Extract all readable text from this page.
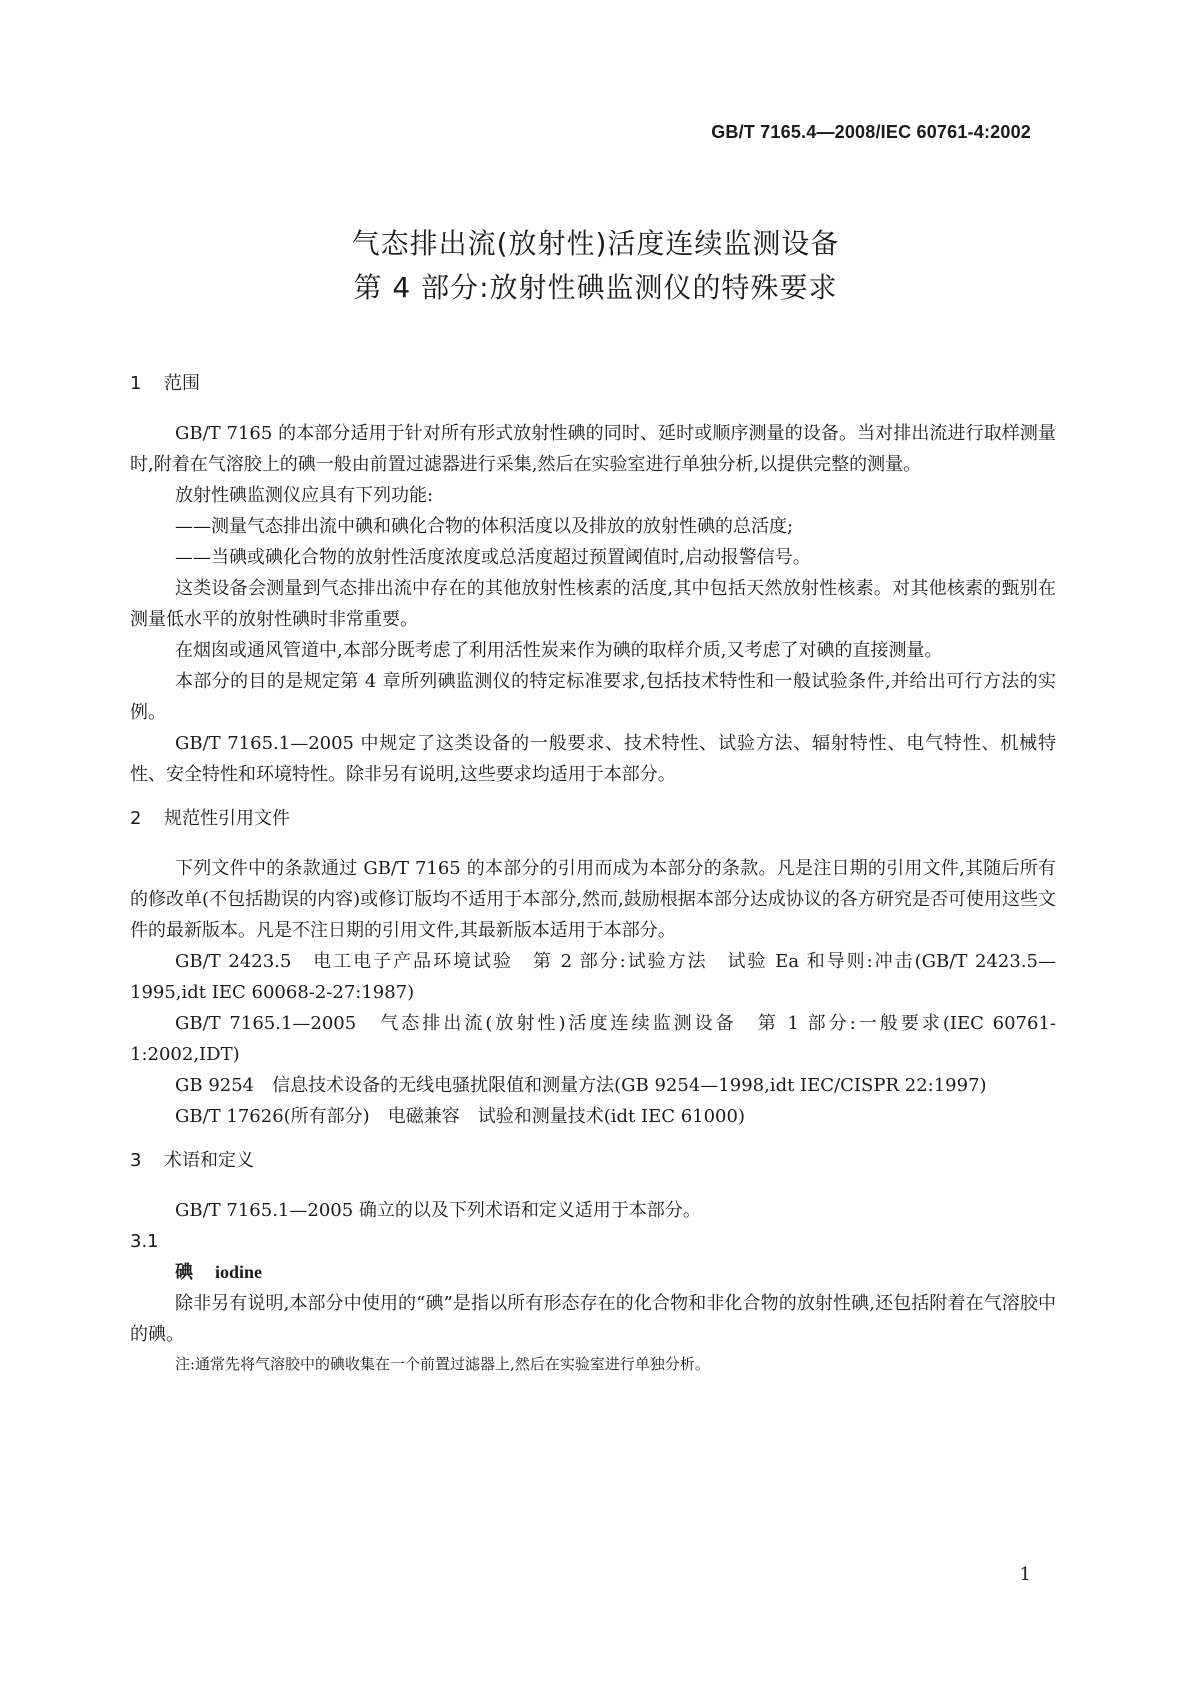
GB/T 7165.4—2008/IEC 60761-4:2002
气态排出流(放射性)活度连续监测设备
第 4 部分:放射性碘监测仪的特殊要求
1 范围

GB/T 7165 的本部分适用于针对所有形式放射性碘的同时、延时或顺序测量的设备。当对排出流进行取样测量时,附着在气溶胶上的碘一般由前置过滤器进行采集,然后在实验室进行单独分析,以提供完整的测量。

放射性碘监测仪应具有下列功能:

——测量气态排出流中碘和碘化合物的体积活度以及排放的放射性碘的总活度;

——当碘或碘化合物的放射性活度浓度或总活度超过预置阈值时,启动报警信号。

这类设备会测量到气态排出流中存在的其他放射性核素的活度,其中包括天然放射性核素。对其他核素的甄别在测量低水平的放射性碘时非常重要。

在烟囱或通风管道中,本部分既考虑了利用活性炭来作为碘的取样介质,又考虑了对碘的直接测量。

本部分的目的是规定第 4 章所列碘监测仪的特定标准要求,包括技术特性和一般试验条件,并给出可行方法的实例。

GB/T 7165.1—2005 中规定了这类设备的一般要求、技术特性、试验方法、辐射特性、电气特性、机械特性、安全特性和环境特性。除非另有说明,这些要求均适用于本部分。

2 规范性引用文件

下列文件中的条款通过 GB/T 7165 的本部分的引用而成为本部分的条款。凡是注日期的引用文件,其随后所有的修改单(不包括勘误的内容)或修订版均不适用于本部分,然而,鼓励根据本部分达成协议的各方研究是否可使用这些文件的最新版本。凡是不注日期的引用文件,其最新版本适用于本部分。

GB/T 2423.5　电工电子产品环境试验　第 2 部分:试验方法　试验 Ea 和导则:冲击(GB/T 2423.5—1995,idt IEC 60068-2-27:1987)

GB/T 7165.1—2005　气态排出流(放射性)活度连续监测设备　第 1 部分:一般要求(IEC 60761-1:2002,IDT)

GB 9254　信息技术设备的无线电骚扰限值和测量方法(GB 9254—1998,idt IEC/CISPR 22:1997)

GB/T 17626(所有部分)　电磁兼容　试验和测量技术(idt IEC 61000)

3 术语和定义

GB/T 7165.1—2005 确立的以及下列术语和定义适用于本部分。

3.1

碘 iodine

除非另有说明,本部分中使用的“碘”是指以所有形态存在的化合物和非化合物的放射性碘,还包括附着在气溶胶中的碘。

注:通常先将气溶胶中的碘收集在一个前置过滤器上,然后在实验室进行单独分析。

1
